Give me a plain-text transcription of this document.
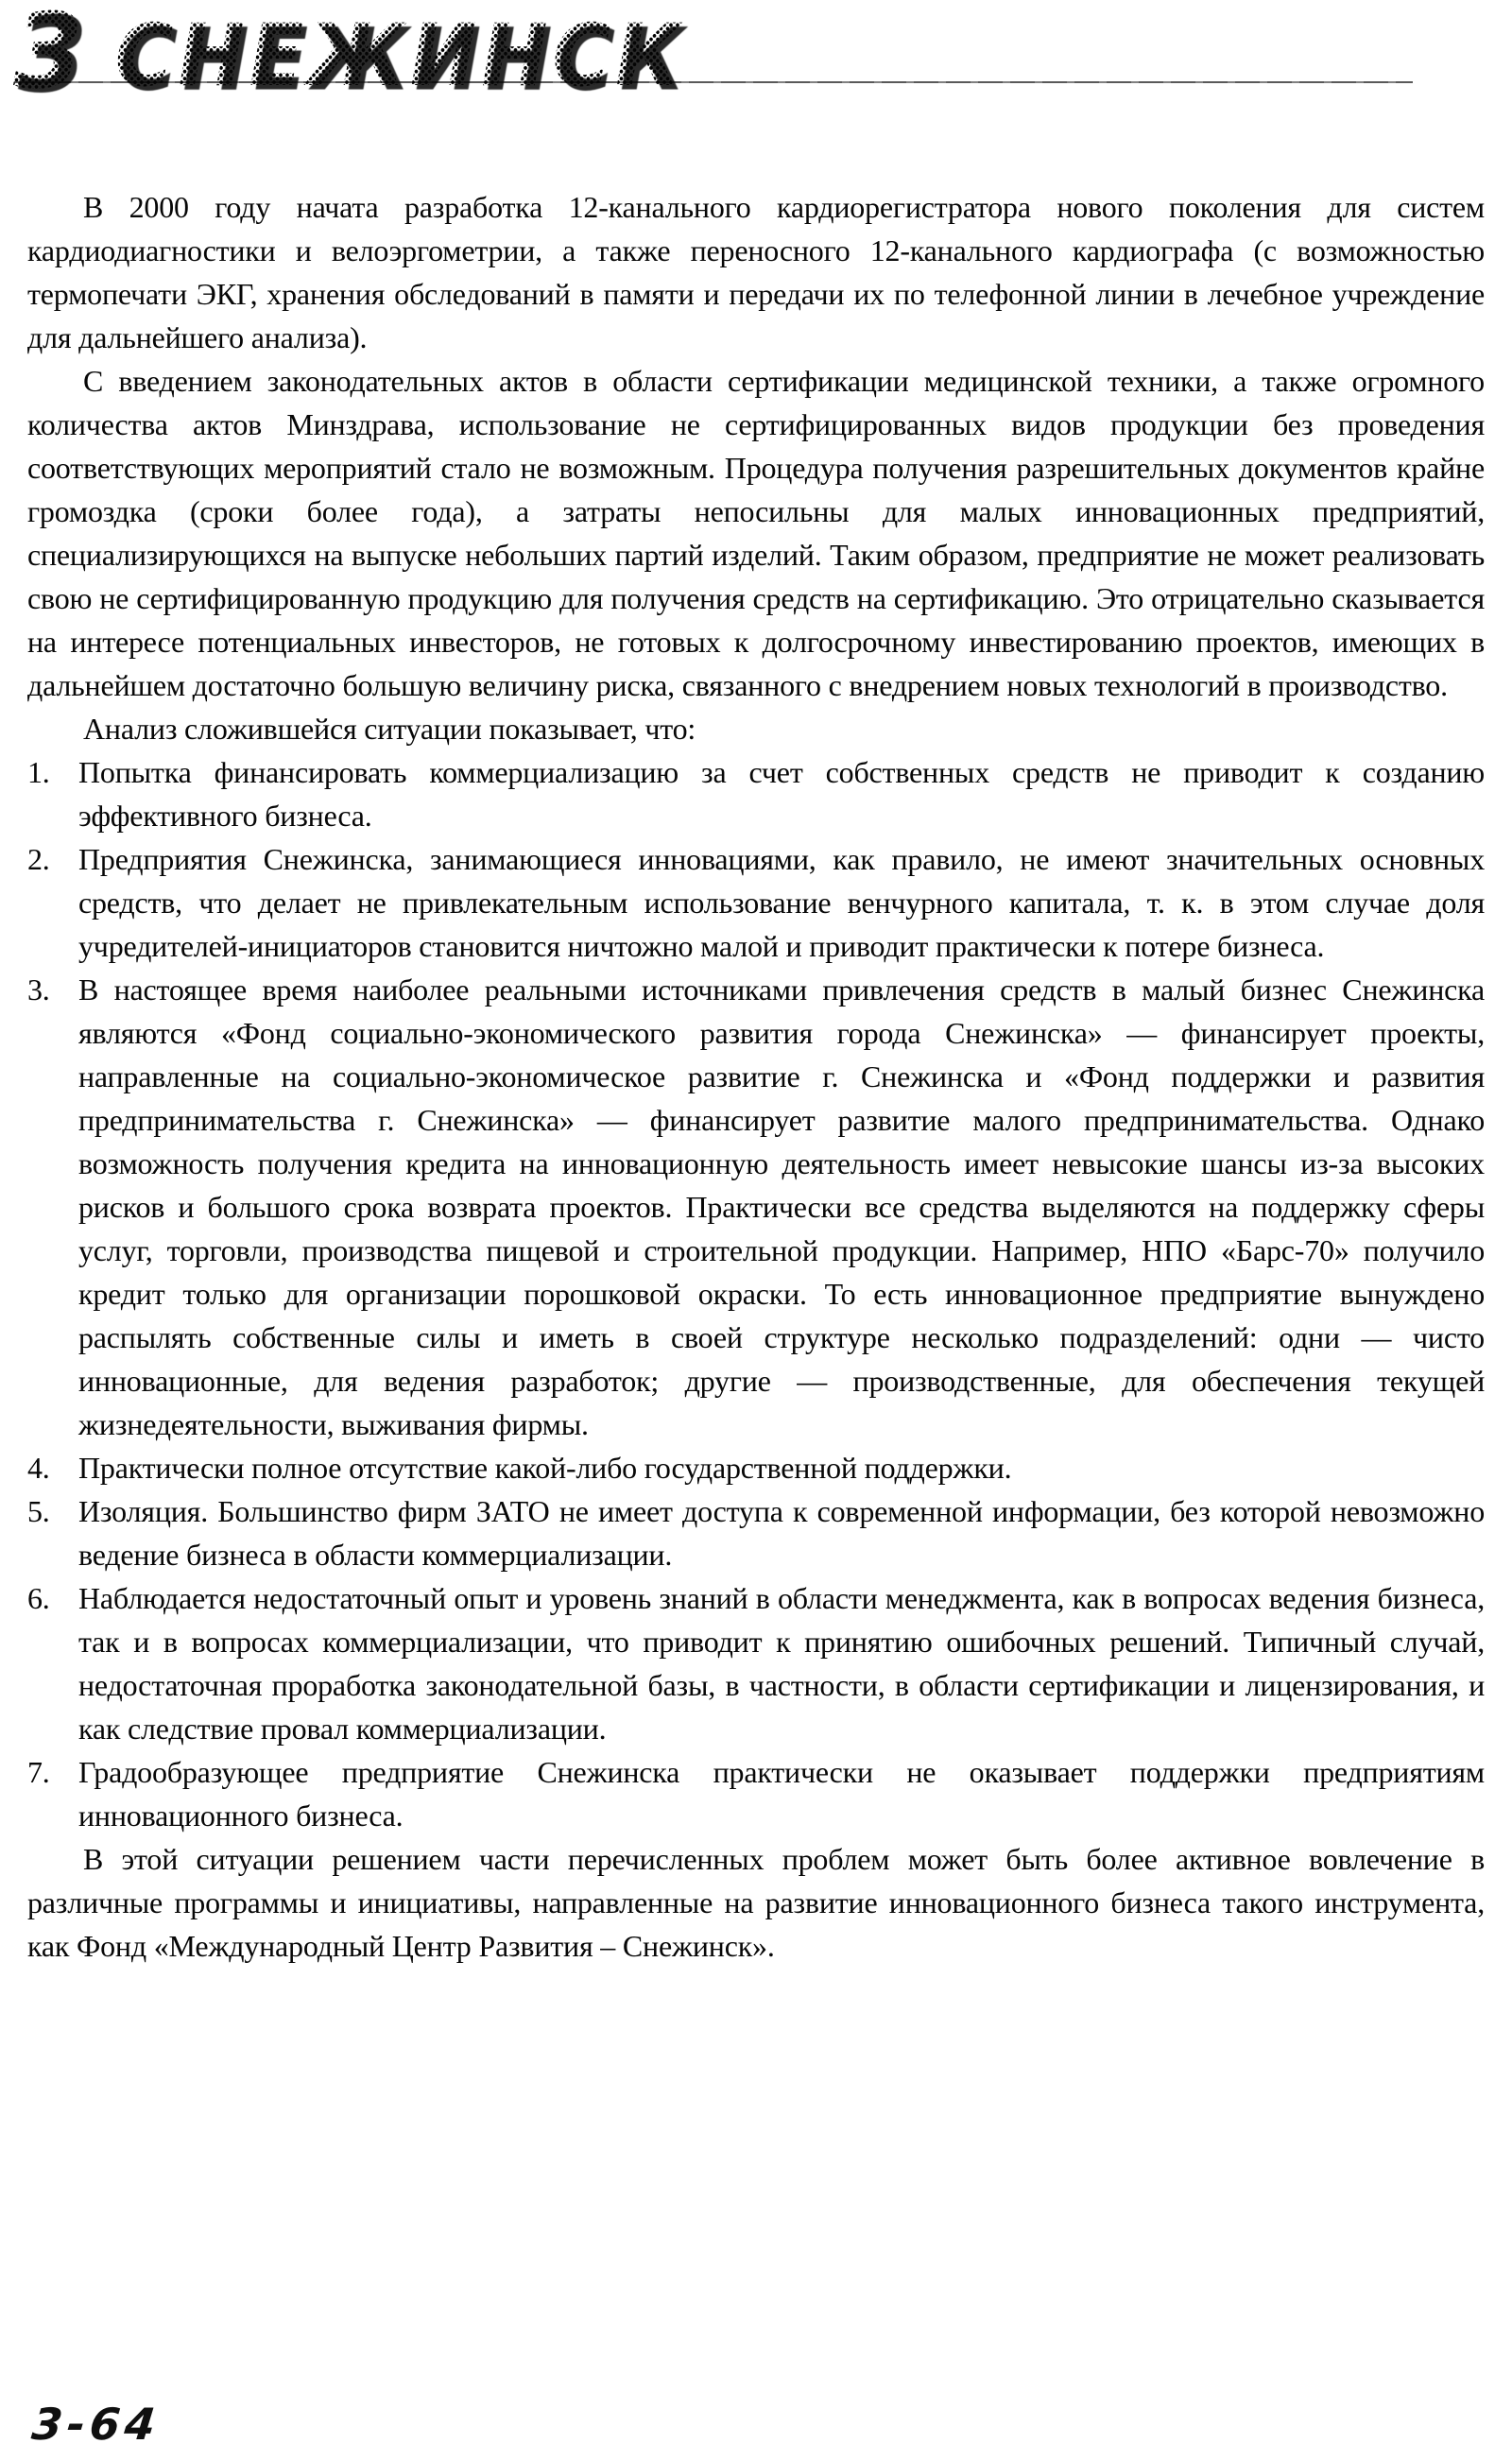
3 СНЕЖИНСК

В 2000 году начата разработка 12-канального кардиорегистратора нового поколения для систем кардиодиагностики и велоэргометрии, а также переносного 12-канального кардиографа (с возможностью термопечати ЭКГ, хранения обследований в памяти и передачи их по телефонной линии в лечебное учреждение для дальнейшего анализа).

С введением законодательных актов в области сертификации медицинской техники, а также огромного количества актов Минздрава, использование не сертифицированных видов продукции без проведения соответствующих мероприятий стало не возможным. Процедура получения разрешительных документов крайне громоздка (сроки более года), а затраты непосильны для малых инновационных предприятий, специализирующихся на выпуске небольших партий изделий. Таким образом, предприятие не может реализовать свою не сертифицированную продукцию для получения средств на сертификацию. Это отрицательно сказывается на интересе потенциальных инвесторов, не готовых к долгосрочному инвестированию проектов, имеющих в дальнейшем достаточно большую величину риска, связанного с внедрением новых технологий в производство.

Анализ сложившейся ситуации показывает, что:

1. Попытка финансировать коммерциализацию за счет собственных средств не приводит к созданию эффективного бизнеса.
2. Предприятия Снежинска, занимающиеся инновациями, как правило, не имеют значительных основных средств, что делает не привлекательным использование венчурного капитала, т. к. в этом случае доля учредителей-инициаторов становится ничтожно малой и приводит практически к потере бизнеса.
3. В настоящее время наиболее реальными источниками привлечения средств в малый бизнес Снежинска являются «Фонд социально-экономического развития города Снежинска» — финансирует проекты, направленные на социально-экономическое развитие г. Снежинска и «Фонд поддержки и развития предпринимательства г. Снежинска» — финансирует развитие малого предпринимательства. Однако возможность получения кредита на инновационную деятельность имеет невысокие шансы из-за высоких рисков и большого срока возврата проектов. Практически все средства выделяются на поддержку сферы услуг, торговли, производства пищевой и строительной продукции. Например, НПО «Барс-70» получило кредит только для организации порошковой окраски. То есть инновационное предприятие вынуждено распылять собственные силы и иметь в своей структуре несколько подразделений: одни — чисто инновационные, для ведения разработок; другие — производственные, для обеспечения текущей жизнедеятельности, выживания фирмы.
4. Практически полное отсутствие какой-либо государственной поддержки.
5. Изоляция. Большинство фирм ЗАТО не имеет доступа к современной информации, без которой невозможно ведение бизнеса в области коммерциализации.
6. Наблюдается недостаточный опыт и уровень знаний в области менеджмента, как в вопросах ведения бизнеса, так и в вопросах коммерциализации, что приводит к принятию ошибочных решений. Типичный случай, недостаточная проработка законодательной базы, в частности, в области сертификации и лицензирования, и как следствие провал коммерциализации.
7. Градообразующее предприятие Снежинска практически не оказывает поддержки предприятиям инновационного бизнеса.

В этой ситуации решением части перечисленных проблем может быть более активное вовлечение в различные программы и инициативы, направленные на развитие инновационного бизнеса такого инструмента, как Фонд «Международный Центр Развития – Снежинск».

3-64
